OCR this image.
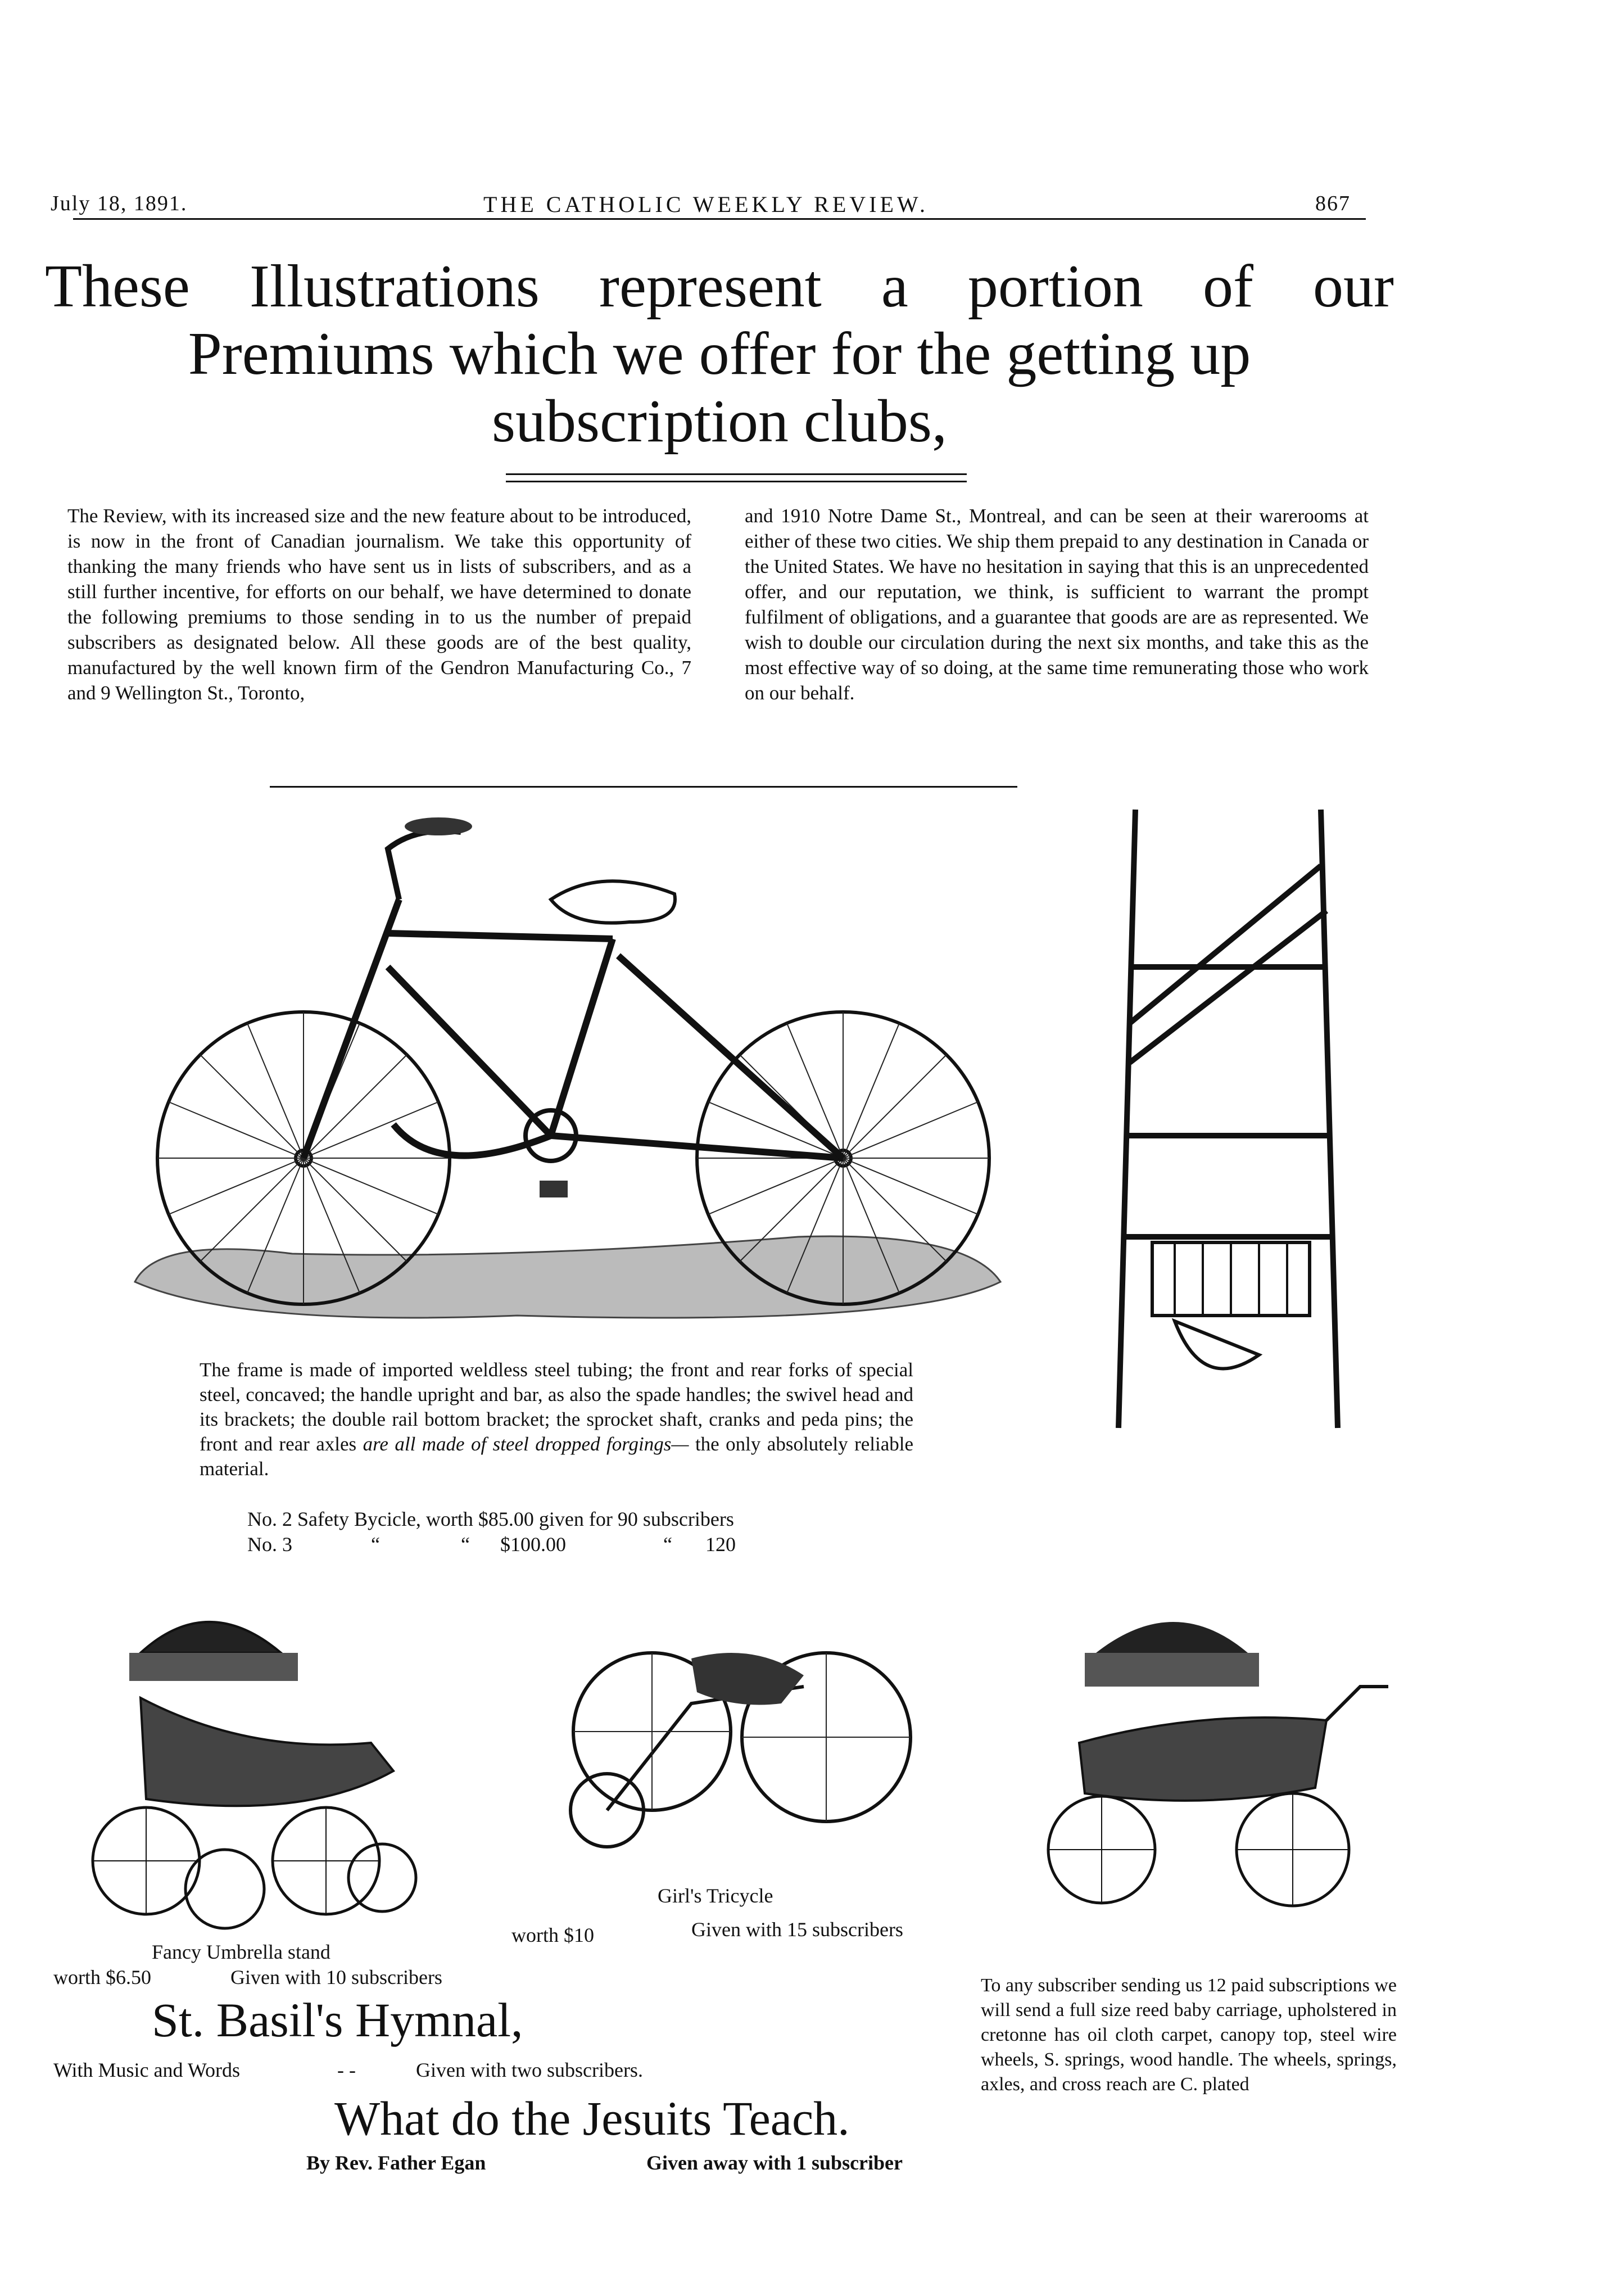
July 18, 1891.	THE CATHOLIC WEEKLY REVIEW.	867
These Illustrations represent a portion of our
Premiums which we offer for the getting up
subscription clubs,
The Review, with its increased size and the new feature about to be introduced, is now in the front of Canadian journalism. We take this opportunity of thanking the many friends who have sent us in lists of subscribers, and as a still further incentive, for efforts on our behalf, we have determined to donate the following premiums to those sending in to us the number of prepaid subscribers as designated below. All these goods are of the best quality, manufactured by the well known firm of the Gendron Manufacturing Co., 7 and 9 Wellington St., Toronto,
and 1910 Notre Dame St., Montreal, and can be seen at their warerooms at either of these two cities. We ship them prepaid to any destination in Canada or the United States. We have no hesitation in saying that this is an unprecedented offer, and our reputation, we think, is sufficient to warrant the prompt fulfilment of obligations, and a guarantee that goods are are as represented. We wish to double our circulation during the next six months, and take this as the most effective way of so doing, at the same time remunerating those who work on our behalf.
The frame is made of imported weldless steel tubing; the front and rear forks of special steel, concaved; the handle upright and bar, as also the spade handles; the swivel head and its brackets; the double rail bottom bracket; the sprocket shaft, cranks and peda pins; the front and rear axles are all made of steel dropped forgings— the only absolutely reliable material.
No. 2 Safety Bycicle, worth $85.00 given for 90 subscribers
No. 3	“	“ $100.00	“ 120
Fancy Umbrella stand
worth $6.50	Given with 10 subscribers
Girl's Tricycle
worth $10	Given with 15 subscribers
To any subscriber sending us 12 paid subscriptions we will send a full size reed baby carriage, upholstered in cretonne has oil cloth carpet, canopy top, steel wire wheels, S. springs, wood handle. The wheels, springs, axles, and cross reach are C. plated
St. Basil's Hymnal,
With Music and Words	- -	Given with two subscribers.
What do the Jesuits Teach.
By Rev. Father Egan	Given away with 1 subscriber
